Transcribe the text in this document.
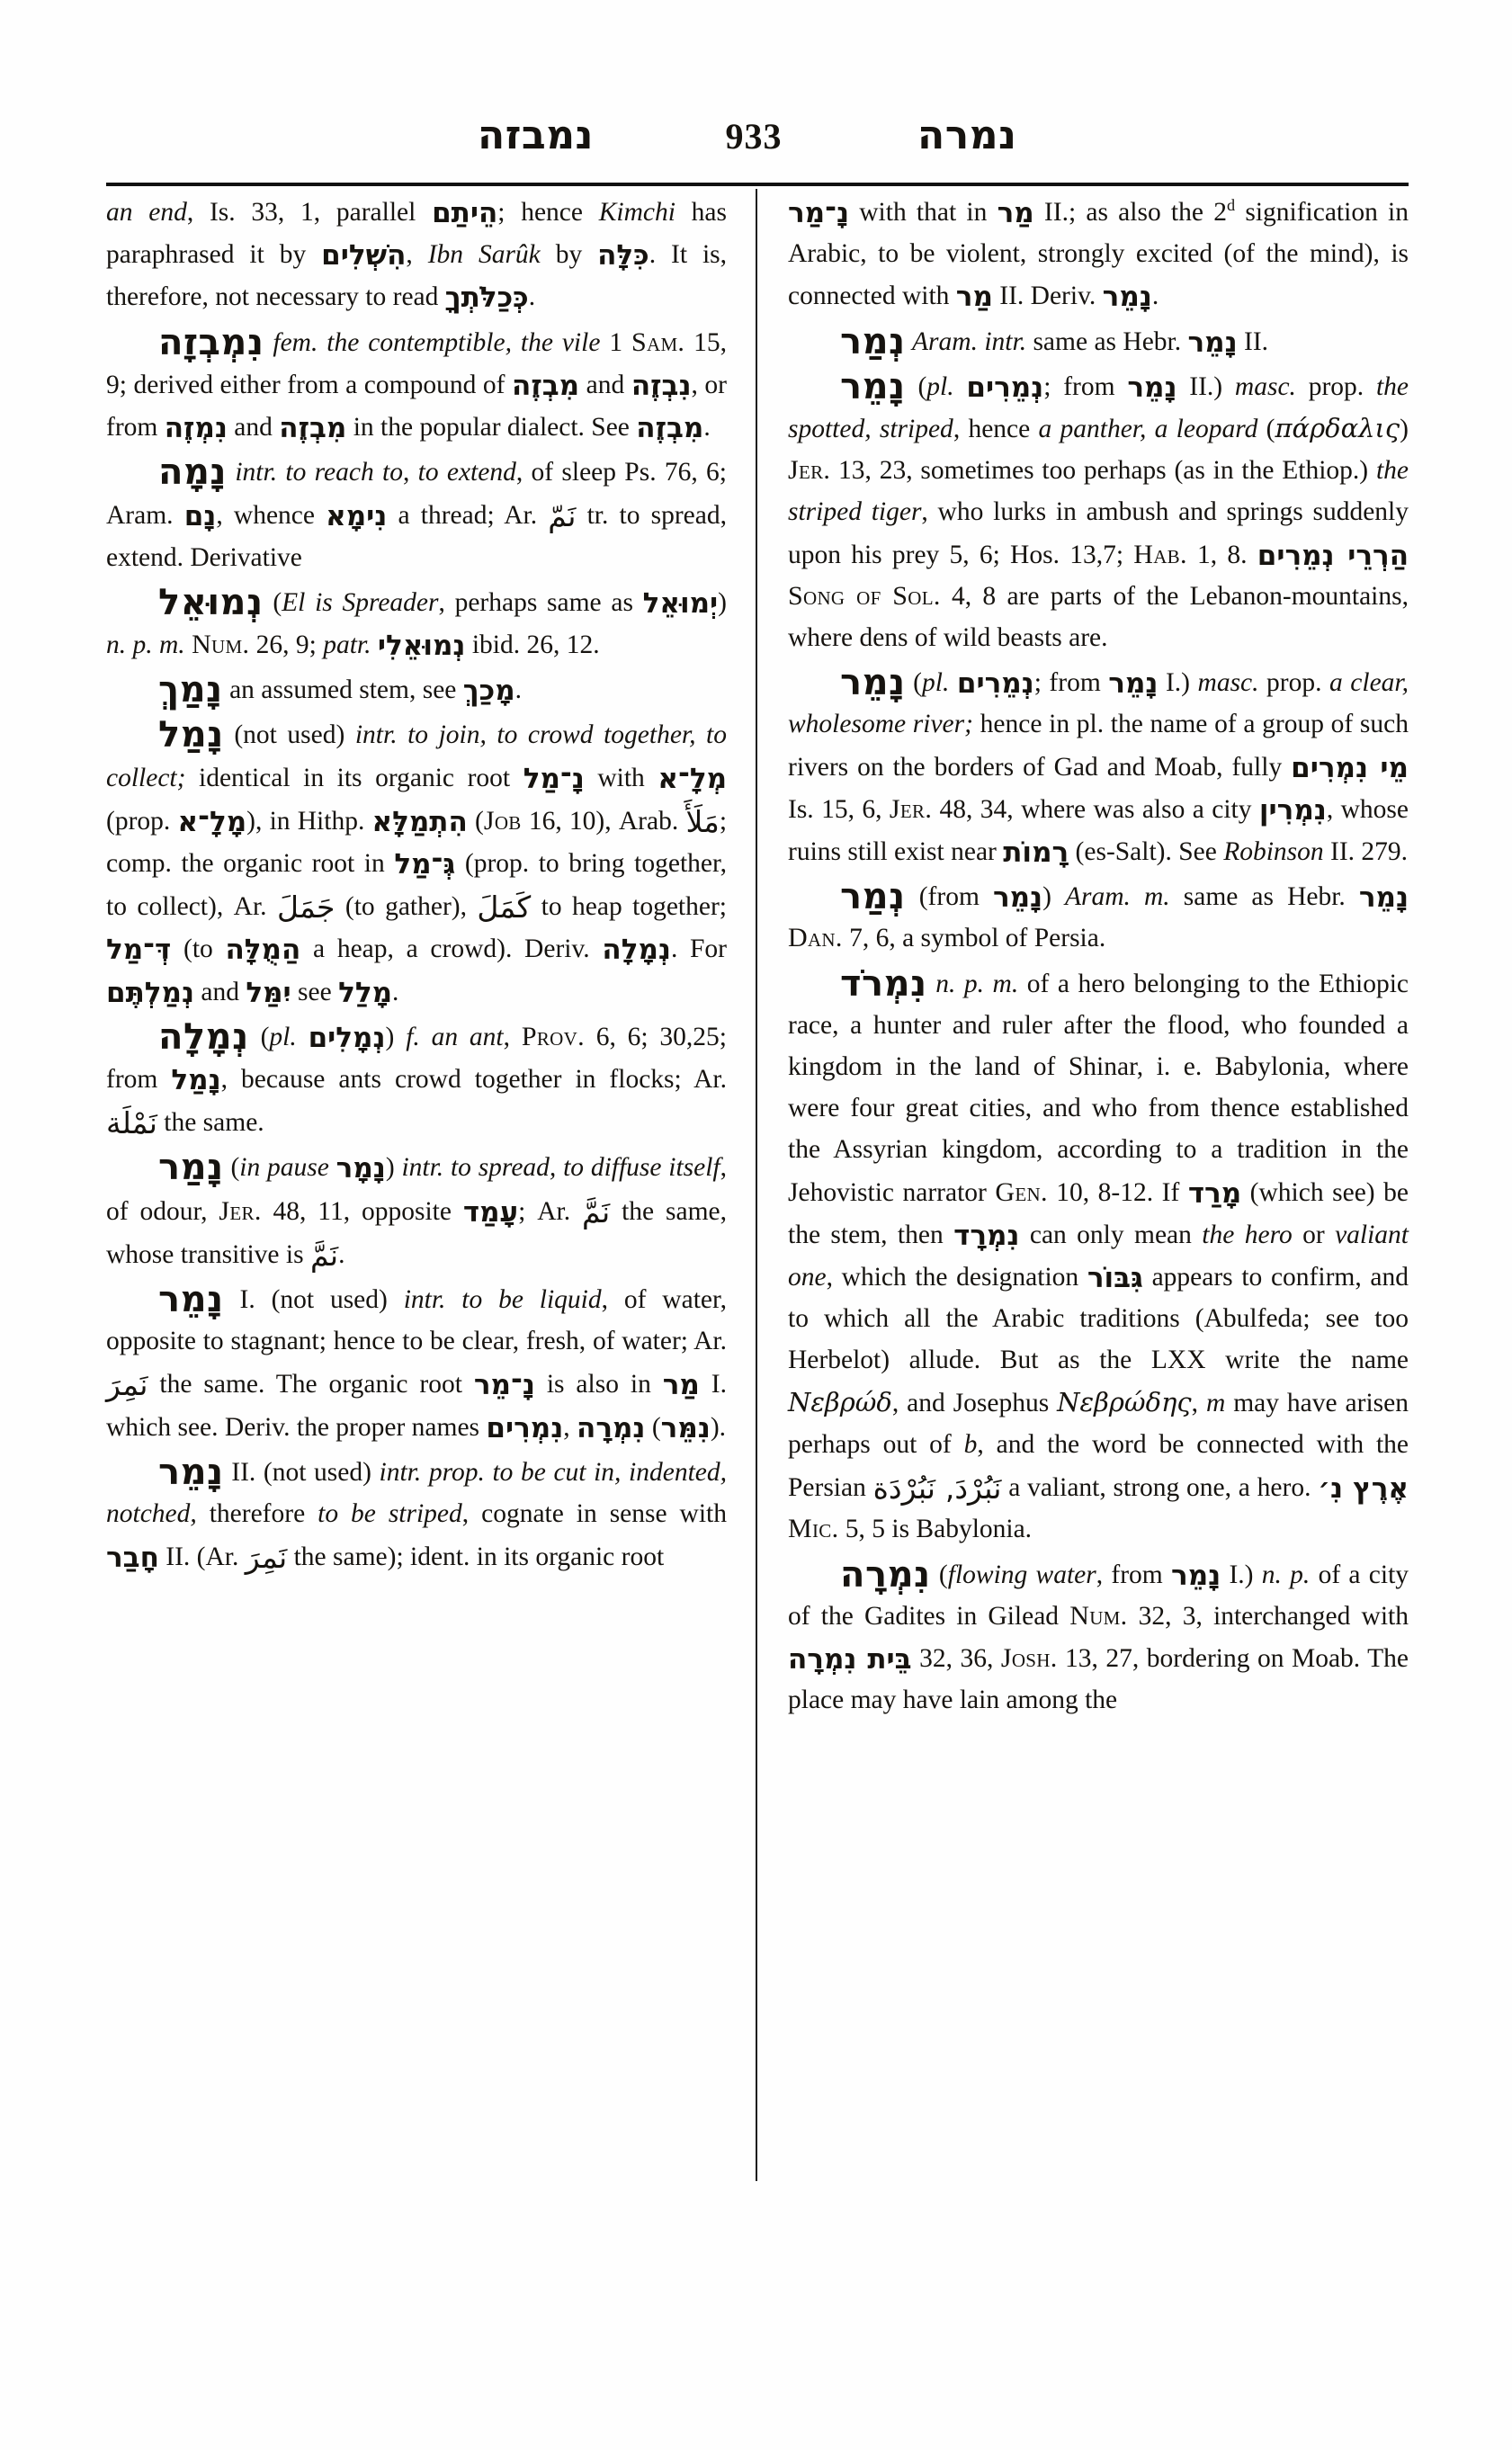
נמבזה	933	נמרה

an end, Is. 33, 1, parallel הֵיתַם; hence Kimchi has paraphrased it by הִשְׁלִים, Ibn Sarûk by כִּלָּה. It is, therefore, not necessary to read כְּכַלֹּתְךָ.

נִמְבְזָה fem. the contemptible, the vile 1 Sam. 15, 9; derived either from a compound of מִבְזֶה and נִבְזֶה, or from נִמְזֶה and מִבְזֶה in the popular dialect. See מִבְזֶה.

נָמָה intr. to reach to, to extend, of sleep Ps. 76, 6; Aram. נָם, whence נִימָא a thread; Ar. نَمّ tr. to spread, extend. Derivative

נְמוּאֵל (El is Spreader, perhaps same as יְמוּאֵל) n. p. m. Num. 26, 9; patr. נְמוּאֵלִי ibid. 26, 12.

נָמַךְ an assumed stem, see מָכַךְ.

נָמַל (not used) intr. to join, to crowd together, to collect; identical in its organic root נָ־מַל with מְלָ־א (prop. מָלָ־א), in Hithp. הִתְמַלָּא (Job 16, 10), Arab. مَلَأَ; comp. the organic root in גְּ־מַל (prop. to bring together, to collect), Ar. جَمَلَ (to gather), كَمَلَ to heap together; דְּ־מַל (to הַמֻלָּה a heap, a crowd). Deriv. נְמָלָה. For נְמַלְתֶּם and יִמַּל see מָלַל.

נְמָלָה (pl. נְמָלִים) f. an ant, Prov. 6, 6; 30,25; from נָמַל, because ants crowd together in flocks; Ar. نَمْلَة the same.

נָמַר (in pause נָמָר) intr. to spread, to diffuse itself, of odour, Jer. 48, 11, opposite עָמַד; Ar. نَمَّ the same, whose transitive is نَمَّ.

נָמֵר I. (not used) intr. to be liquid, of water, opposite to stagnant; hence to be clear, fresh, of water; Ar. نَمِرَ the same. The organic root נָ־מֵר is also in מַר I. which see. Deriv. the proper names נִמְרִים, נִמְרָה (נִמֵּר).

נָמֵר II. (not used) intr. prop. to be cut in, indented, notched, therefore to be striped, cognate in sense with חָבַר II. (Ar. نَمِرَ the same); ident. in its organic root

נָ־מַר with that in מַר II.; as also the 2$^d$ signification in Arabic, to be violent, strongly excited (of the mind), is connected with מַר II. Deriv. נָמֵר.

נְמַר Aram. intr. same as Hebr. נָמֵר II.

נָמֵר (pl. נְמֵרִים; from נָמֵר II.) masc. prop. the spotted, striped, hence a panther, a leopard (πάρδαλις) Jer. 13, 23, sometimes too perhaps (as in the Ethiop.) the striped tiger, who lurks in ambush and springs suddenly upon his prey 5, 6; Hos. 13,7; Hab. 1, 8. הַרְרֵי נְמֵרִים Song of Sol. 4, 8 are parts of the Lebanon-mountains, where dens of wild beasts are.

נָמֵר (pl. נְמֵרִים; from נָמֵר I.) masc. prop. a clear, wholesome river; hence in pl. the name of a group of such rivers on the borders of Gad and Moab, fully מֵי נִמְרִים Is. 15, 6, Jer. 48, 34, where was also a city נִמְרִין, whose ruins still exist near רָמוֹת (es-Salt). See Robinson II. 279.

נְמַר (from נָמֵר) Aram. m. same as Hebr. נָמֵר Dan. 7, 6, a symbol of Persia.

נִמְרֹד n. p. m. of a hero belonging to the Ethiopic race, a hunter and ruler after the flood, who founded a kingdom in the land of Shinar, i. e. Babylonia, where were four great cities, and who from thence established the Assyrian kingdom, according to a tradition in the Jehovistic narrator Gen. 10, 8-12. If מָרַד (which see) be the stem, then נִמְרָד can only mean the hero or valiant one, which the designation גִּבּוֹר appears to confirm, and to which all the Arabic traditions (Abulfeda; see too Herbelot) allude. But as the LXX write the name Νεβρώδ, and Josephus Νεβρώδης, m may have arisen perhaps out of b, and the word be connected with the Persian نَبُرْدَ, نَبُرْدَة a valiant, strong one, a hero. אֶרֶץ נִ׳ Mic. 5, 5 is Babylonia.

נִמְרָה (flowing water, from נָמֵר I.) n. p. of a city of the Gadites in Gilead Num. 32, 3, interchanged with בֵּית נִמְרָה 32, 36, Josh. 13, 27, bordering on Moab. The place may have lain among the
